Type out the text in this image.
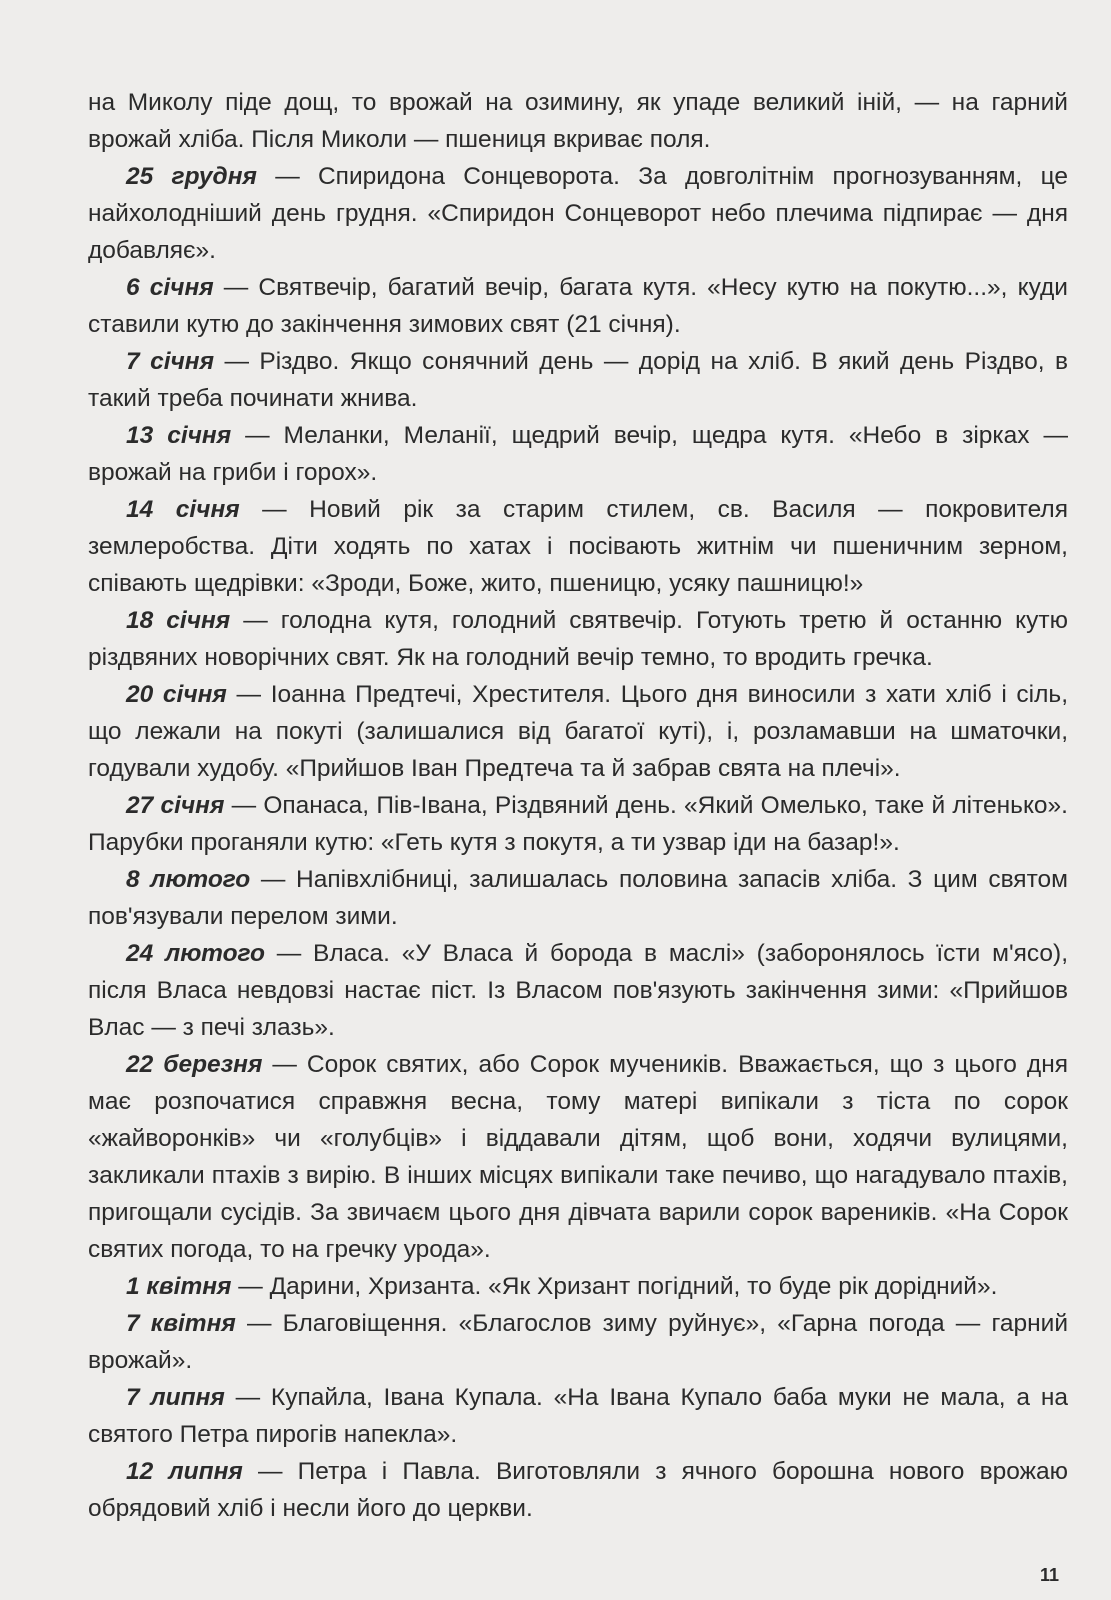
на Миколу піде дощ, то врожай на озимину, як упаде великий іній, — на гарний врожай хліба. Після Миколи — пшениця вкриває поля.

25 грудня — Спиридона Сонцеворота. За довголітнім прогнозуванням, це найхолодніший день грудня. «Спиридон Сонцеворот небо плечима підпирає — дня добавляє».

6 січня — Святвечір, багатий вечір, багата кутя. «Несу кутю на покутю...», куди ставили кутю до закінчення зимових свят (21 січня).

7 січня — Різдво. Якщо сонячний день — дорід на хліб. В який день Різдво, в такий треба починати жнива.

13 січня — Меланки, Меланії, щедрий вечір, щедра кутя. «Небо в зірках — врожай на гриби і горох».

14 січня — Новий рік за старим стилем, св. Василя — покровителя землеробства. Діти ходять по хатах і посівають житнім чи пшеничним зерном, співають щедрівки: «Зроди, Боже, жито, пшеницю, усяку пашницю!»

18 січня — голодна кутя, голодний святвечір. Готують третю й останню кутю різдвяних новорічних свят. Як на голодний вечір темно, то вродить гречка.

20 січня — Іоанна Предтечі, Хрестителя. Цього дня виносили з хати хліб і сіль, що лежали на покуті (залишалися від багатої куті), і, розламавши на шматочки, годували худобу. «Прийшов Іван Предтеча та й забрав свята на плечі».

27 січня — Опанаса, Пів-Івана, Різдвяний день. «Який Омелько, таке й літенько». Парубки проганяли кутю: «Геть кутя з покутя, а ти узвар іди на базар!».

8 лютого — Напівхлібниці, залишалась половина запасів хліба. З цим святом пов'язували перелом зими.

24 лютого — Власа. «У Власа й борода в маслі» (заборонялось їсти м'ясо), після Власа невдовзі настає піст. Із Власом пов'язують закінчення зими: «Прийшов Влас — з печі злазь».

22 березня — Сорок святих, або Сорок мучеників. Вважається, що з цього дня має розпочатися справжня весна, тому матері випікали з тіста по сорок «жайворонків» чи «голубців» і віддавали дітям, щоб вони, ходячи вулицями, закликали птахів з вирію. В інших місцях випікали таке печиво, що нагадувало птахів, пригощали сусідів. За звичаєм цього дня дівчата варили сорок вареників. «На Сорок святих погода, то на гречку урода».

1 квітня — Дарини, Хризанта. «Як Хризант погідний, то буде рік дорідний».

7 квітня — Благовіщення. «Благослов зиму руйнує», «Гарна погода — гарний врожай».

7 липня — Купайла, Івана Купала. «На Івана Купало баба муки не мала, а на святого Петра пирогів напекла».

12 липня — Петра і Павла. Виготовляли з ячного борошна нового врожаю обрядовий хліб і несли його до церкви.

11
